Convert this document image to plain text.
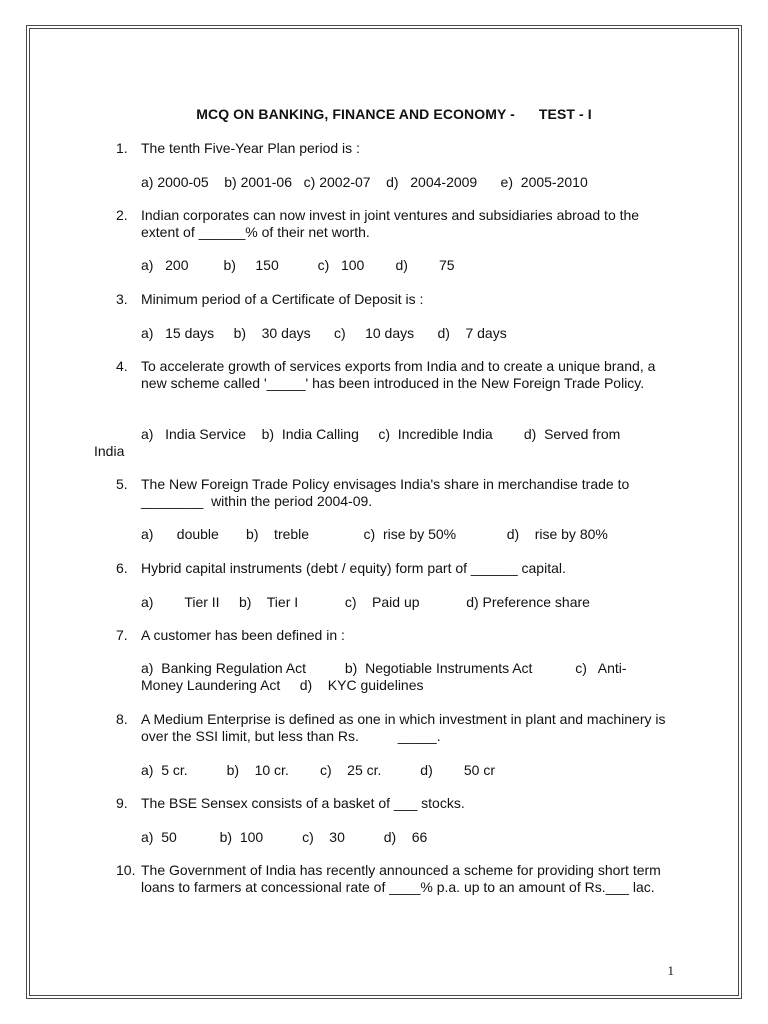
MCQ ON BANKING, FINANCE AND ECONOMY -      TEST - I
1. The tenth Five-Year Plan period is :
a) 2000-05    b) 2001-06   c) 2002-07    d)   2004-2009      e)  2005-2010
2. Indian corporates can now invest in joint ventures and subsidiaries abroad to the extent of ______% of their net worth.
a)   200         b)     150          c)   100        d)        75
3. Minimum period of a Certificate of Deposit is :
a)   15 days     b)    30 days      c)     10 days      d)    7 days
4. To accelerate growth of services exports from India and to create a unique brand, a new scheme called '_____' has been introduced in the New Foreign Trade Policy.
a)   India Service    b)  India Calling     c)  Incredible India        d)  Served from India
5. The New Foreign Trade Policy envisages India's share in merchandise trade to ________  within the period 2004-09.
a)      double       b)    treble              c)  rise by 50%             d)    rise by 80%
6. Hybrid capital instruments (debt / equity) form part of ______ capital.
a)        Tier II     b)    Tier I            c)    Paid up            d) Preference share
7. A customer has been defined in :
a)  Banking Regulation Act          b)  Negotiable Instruments Act           c)   Anti-Money Laundering Act     d)    KYC guidelines
8. A Medium Enterprise is defined as one in which investment in plant and machinery is over the SSI limit, but less than Rs.          _____.
a)  5 cr.          b)    10 cr.        c)    25 cr.          d)        50 cr
9. The BSE Sensex consists of a basket of ___ stocks.
a)  50           b)  100          c)    30          d)    66
10. The Government of India has recently announced a scheme for providing short term loans to farmers at concessional rate of ____% p.a. up to an amount of Rs.___ lac.
1
